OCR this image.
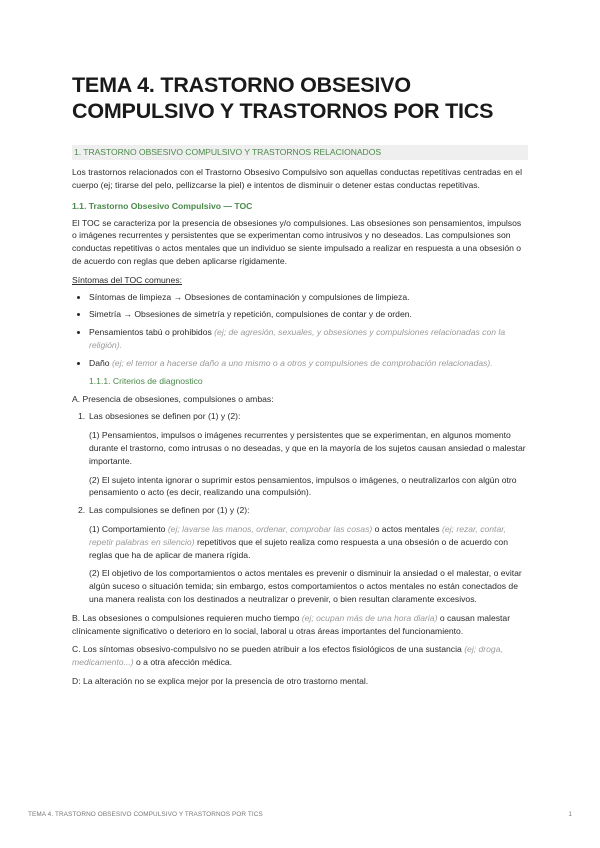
TEMA 4. TRASTORNO OBSESIVO COMPULSIVO Y TRASTORNOS POR TICS
1. TRASTORNO OBSESIVO COMPULSIVO Y TRASTORNOS RELACIONADOS

Los trastornos relacionados con el Trastorno Obsesivo Compulsivo son aquellas conductas repetitivas centradas en el cuerpo (ej; tirarse del pelo, pellizcarse la piel) e intentos de disminuir o detener estas conductas repetitivas.

1.1. Trastorno Obsesivo Compulsivo — TOC

El TOC se caracteriza por la presencia de obsesiones y/o compulsiones. Las obsesiones son pensamientos, impulsos o imágenes recurrentes y persistentes que se experimentan como intrusivos y no deseados. Las compulsiones son conductas repetitivas o actos mentales que un individuo se siente impulsado a realizar en respuesta a una obsesión o de acuerdo con reglas que deben aplicarse rígidamente.

Síntomas del TOC comunes:

Síntomas de limpieza → Obsesiones de contaminación y compulsiones de limpieza.
Simetría → Obsesiones de simetría y repetición, compulsiones de contar y de orden.
Pensamientos tabú o prohibidos (ej; de agresión, sexuales, y obsesiones y compulsiones relacionadas con la religión).
Daño (ej; el temor a hacerse daño a uno mismo o a otros y compulsiones de comprobación relacionadas).
1.1.1. Criterios de diagnostico

A. Presencia de obsesiones, compulsiones o ambas:

1. Las obsesiones se definen por (1) y (2):

(1) Pensamientos, impulsos o imágenes recurrentes y persistentes que se experimentan, en algunos momento durante el trastorno, como intrusas o no deseadas, y que en la mayoría de los sujetos causan ansiedad o malestar importante.

(2) El sujeto intenta ignorar o suprimir estos pensamientos, impulsos o imágenes, o neutralizarlos con algún otro pensamiento o acto (es decir, realizando una compulsión).

2. Las compulsiones se definen por (1) y (2):

(1) Comportamiento (ej; lavarse las manos, ordenar, comprobar las cosas) o actos mentales (ej; rezar, contar, repetir palabras en silencio) repetitivos que el sujeto realiza como respuesta a una obsesión o de acuerdo con reglas que ha de aplicar de manera rígida.

(2) El objetivo de los comportamientos o actos mentales es prevenir o disminuir la ansiedad o el malestar, o evitar algún suceso o situación temida; sin embargo, estos comportamientos o actos mentales no están conectados de una manera realista con los destinados a neutralizar o prevenir, o bien resultan claramente excesivos.

B. Las obsesiones o compulsiones requieren mucho tiempo (ej; ocupan más de una hora diaria) o causan malestar clínicamente significativo o deterioro en lo social, laboral u otras áreas importantes del funcionamiento.

C. Los síntomas obsesivo-compulsivo no se pueden atribuir a los efectos fisiológicos de una sustancia (ej; droga, medicamento...) o a otra afección médica.

D: La alteración no se explica mejor por la presencia de otro trastorno mental.

TEMA 4. TRASTORNO OBSESIVO COMPULSIVO Y TRASTORNOS POR TICS	1
